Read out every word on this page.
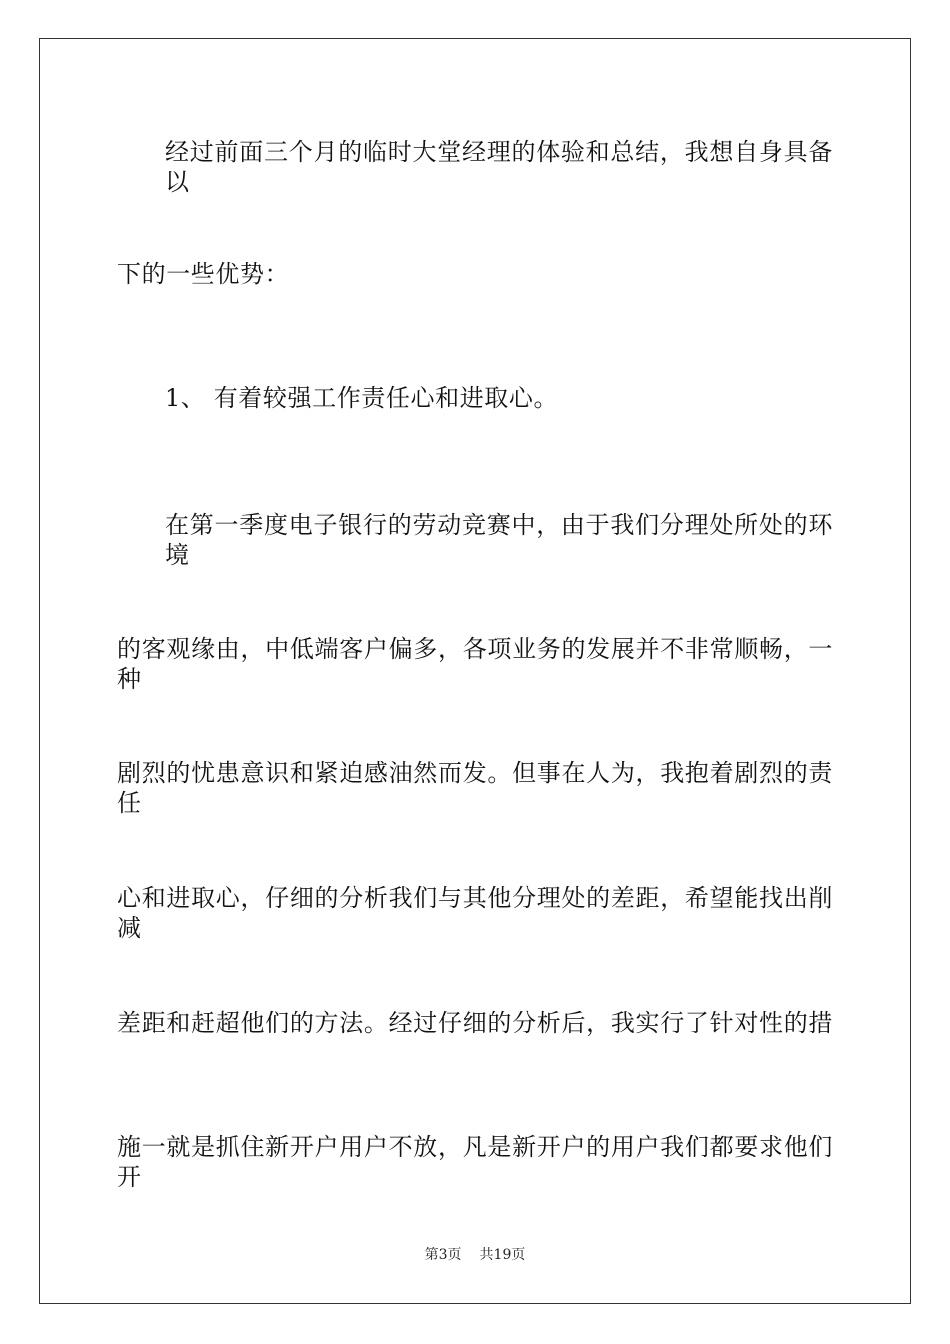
经过前面三个月的临时大堂经理的体验和总结，我想自身具备以
下的一些优势：
1、 有着较强工作责任心和进取心。
在第一季度电子银行的劳动竞赛中，由于我们分理处所处的环境
的客观缘由，中低端客户偏多，各项业务的发展并不非常顺畅，一种
剧烈的忧患意识和紧迫感油然而发。但事在人为，我抱着剧烈的责任
心和进取心，仔细的分析我们与其他分理处的差距，希望能找出削减
差距和赶超他们的方法。经过仔细的分析后，我实行了针对性的措
施一就是抓住新开户用户不放，凡是新开户的用户我们都要求他们开
第3页 共19页
